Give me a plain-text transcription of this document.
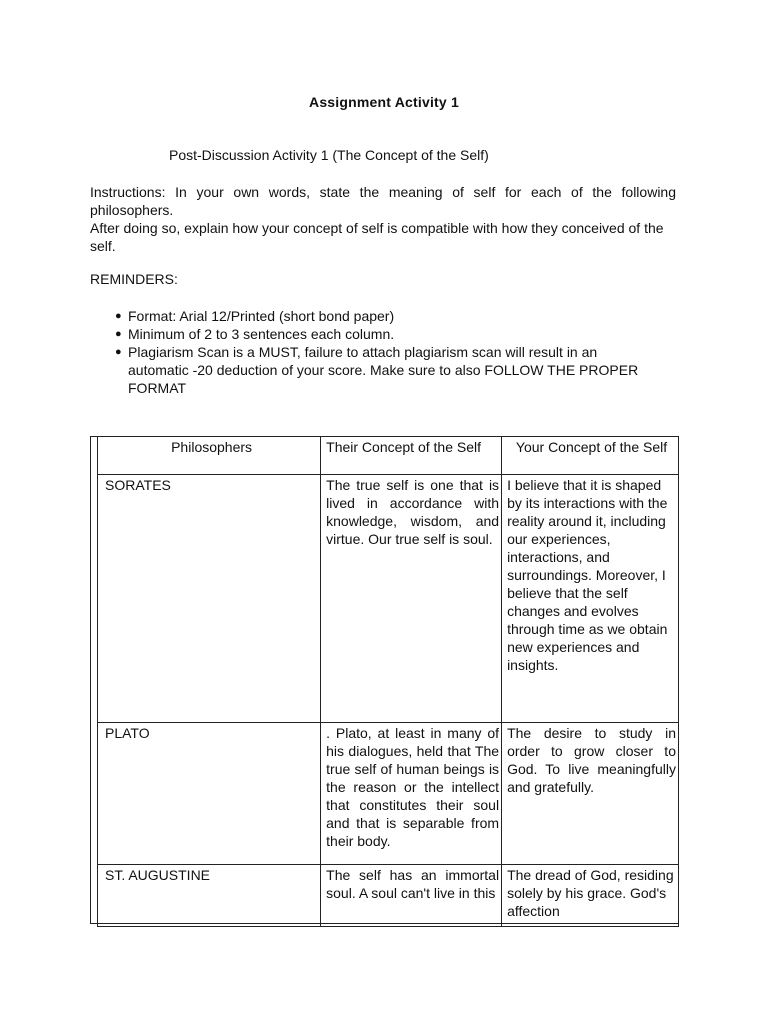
Assignment Activity 1
Post-Discussion Activity 1 (The Concept of the Self)
Instructions: In your own words, state the meaning of self for each of the following philosophers.
After doing so, explain how your concept of self is compatible with how they conceived of the self.
REMINDERS:
● Format: Arial 12/Printed (short bond paper)
● Minimum of 2 to 3 sentences each column.
● Plagiarism Scan is a MUST, failure to attach plagiarism scan will result in an automatic -20 deduction of your score. Make sure to also FOLLOW THE PROPER FORMAT
Philosophers	Their Concept of the Self	Your Concept of the Self
SORATES	The true self is one that is lived in accordance with knowledge, wisdom, and virtue. Our true self is soul.	I believe that it is shaped by its interactions with the reality around it, including our experiences, interactions, and surroundings. Moreover, I believe that the self changes and evolves through time as we obtain new experiences and insights.
PLATO	. Plato, at least in many of his dialogues, held that The true self of human beings is the reason or the intellect that constitutes their soul and that is separable from their body.	The desire to study in order to grow closer to God. To live meaningfully and gratefully.
ST. AUGUSTINE	The self has an immortal soul. A soul can't live in this	The dread of God, residing solely by his grace. God's affection
